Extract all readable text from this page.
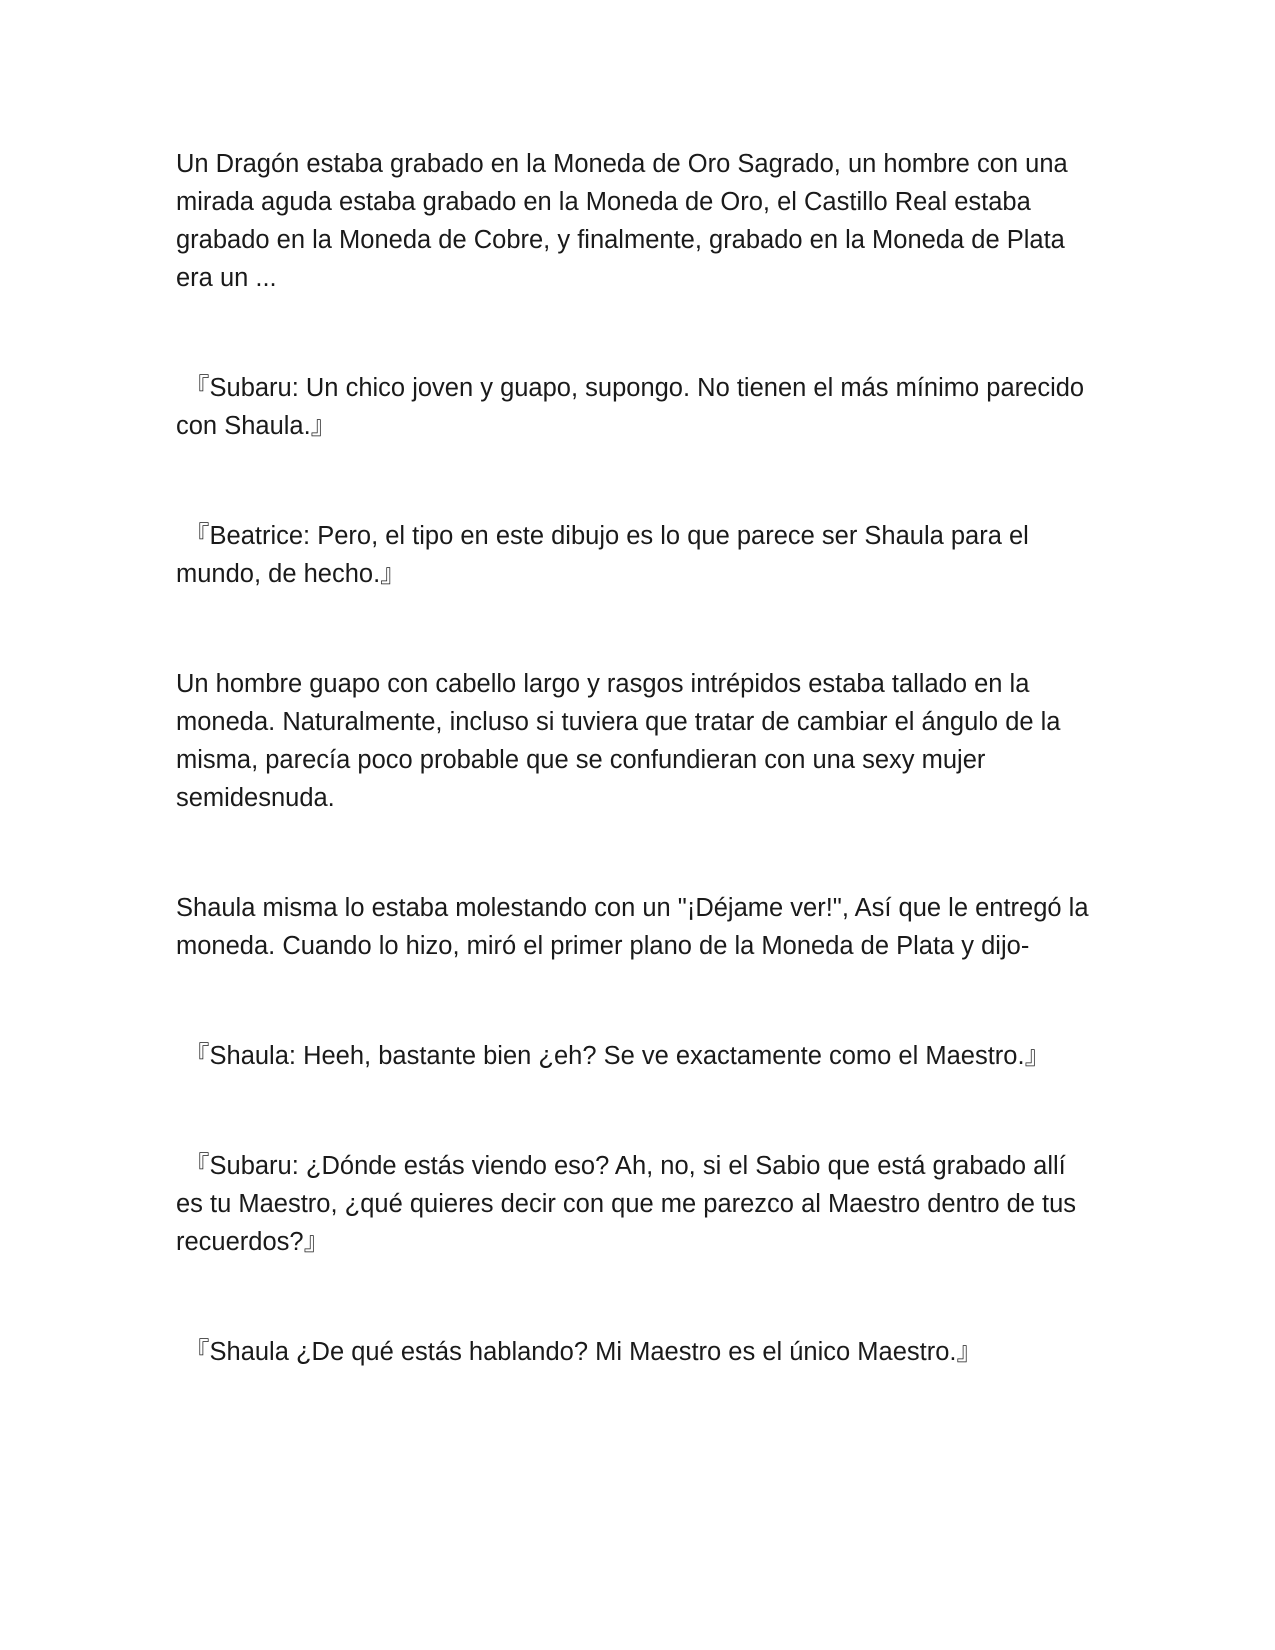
Un Dragón estaba grabado en la Moneda de Oro Sagrado, un hombre con una mirada aguda estaba grabado en la Moneda de Oro, el Castillo Real estaba grabado en la Moneda de Cobre, y finalmente, grabado en la Moneda de Plata era un ...

『Subaru: Un chico joven y guapo, supongo. No tienen el más mínimo parecido con Shaula.』

『Beatrice: Pero, el tipo en este dibujo es lo que parece ser Shaula para el mundo, de hecho.』

Un hombre guapo con cabello largo y rasgos intrépidos estaba tallado en la moneda. Naturalmente, incluso si tuviera que tratar de cambiar el ángulo de la misma, parecía poco probable que se confundieran con una sexy mujer semidesnuda.

Shaula misma lo estaba molestando con un "¡Déjame ver!", Así que le entregó la moneda. Cuando lo hizo, miró el primer plano de la Moneda de Plata y dijo-

『Shaula: Heeh, bastante bien ¿eh? Se ve exactamente como el Maestro.』

『Subaru: ¿Dónde estás viendo eso? Ah, no, si el Sabio que está grabado allí es tu Maestro, ¿qué quieres decir con que me parezco al Maestro dentro de tus recuerdos?』

『Shaula ¿De qué estás hablando? Mi Maestro es el único Maestro.』
